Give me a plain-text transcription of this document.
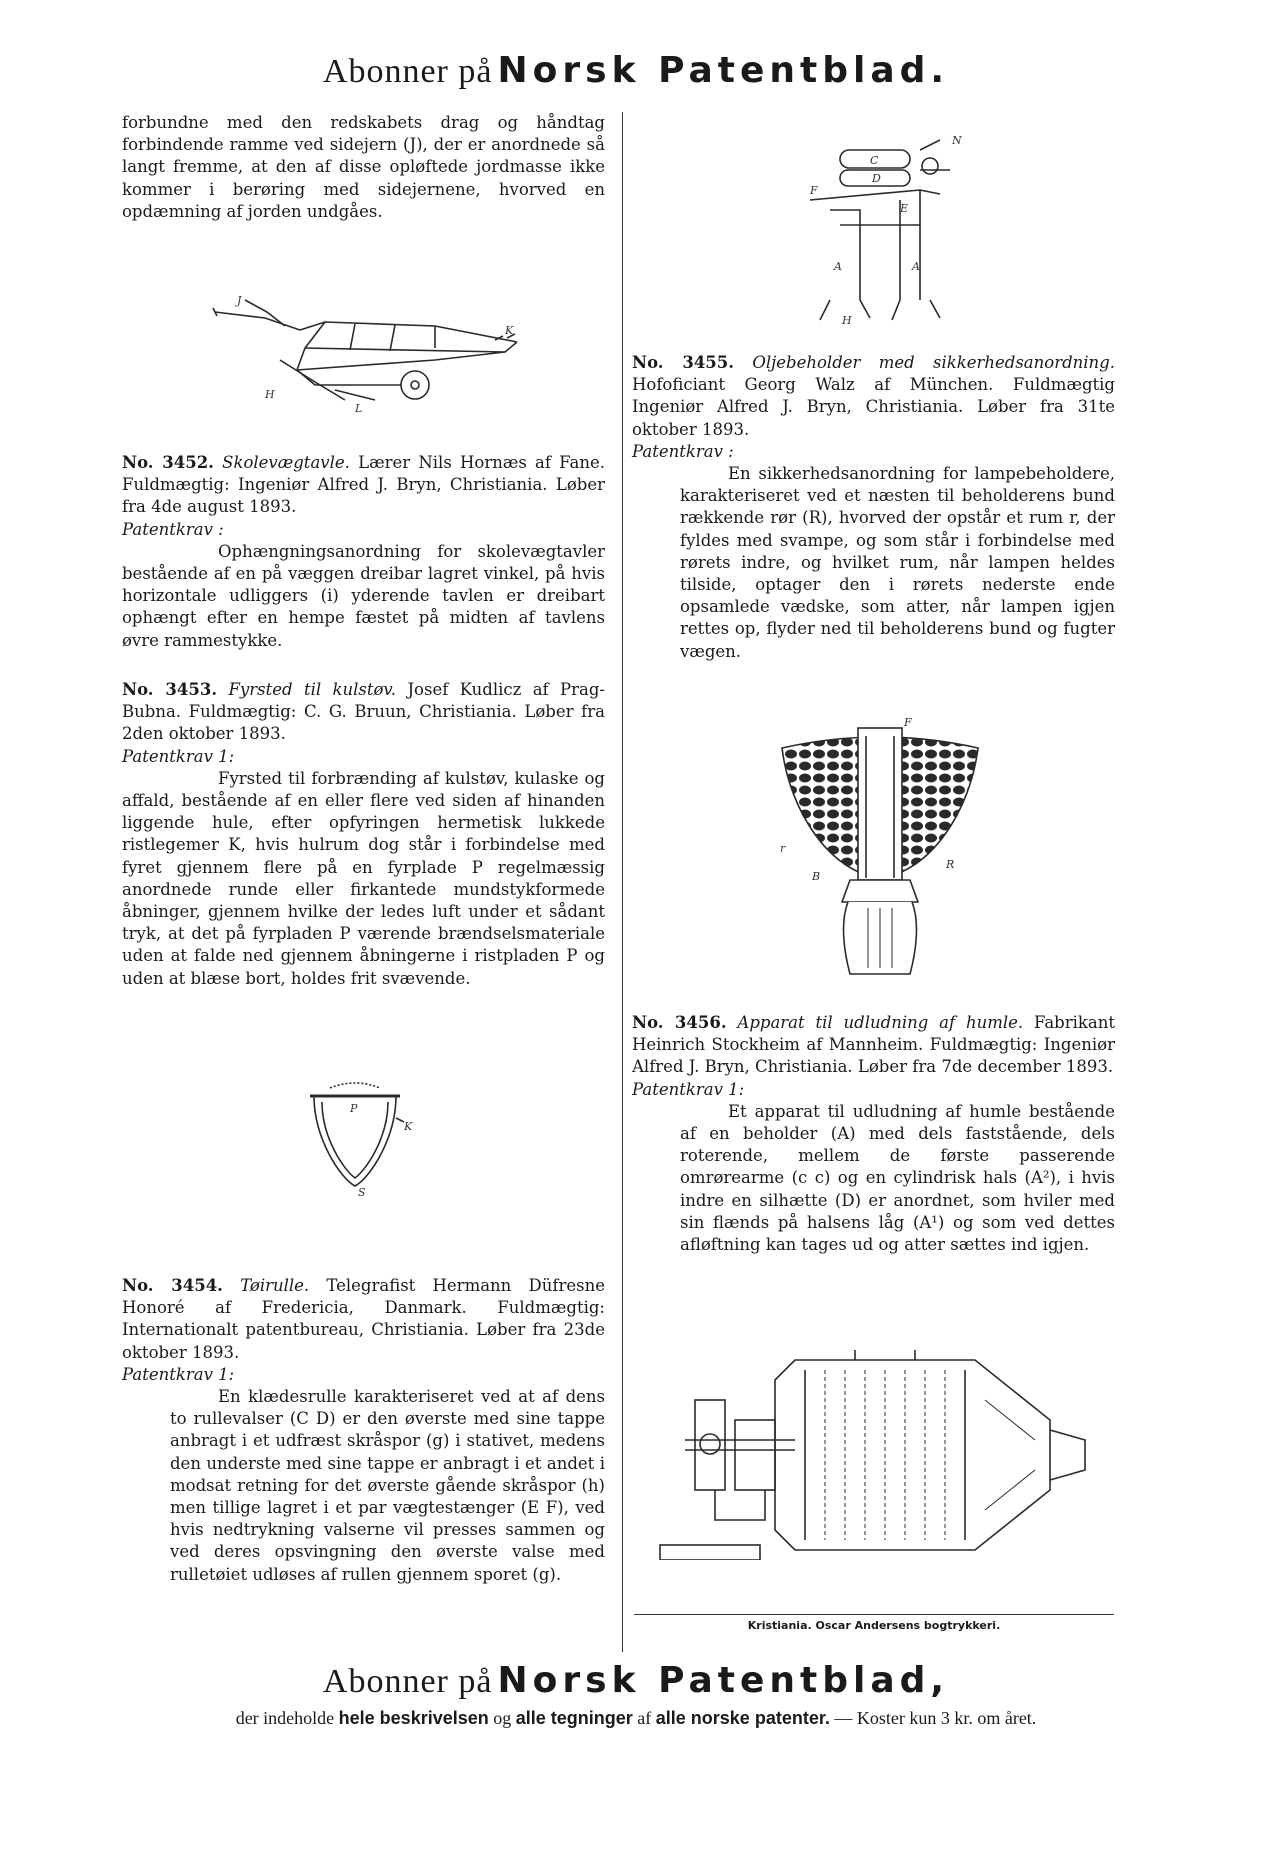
Abonner på Norsk Patentblad.
forbundne med den redskabets drag og håndtag forbindende ramme ved sidejern (J), der er anordnede så langt fremme, at den af disse opløftede jordmasse ikke kommer i berøring med sidejernene, hvorved en opdæmning af jorden undgåes.
J
K
L
H
No. 3452. Skolevægtavle. Lærer Nils Hornæs af Fane. Fuldmægtig: Ingeniør Alfred J. Bryn, Christiania. Løber fra 4de august 1893.
Patentkrav :
Ophængningsanordning for skolevægtavler bestående af en på væggen dreibar lagret vinkel, på hvis horizontale udliggers (i) yderende tavlen er dreibart ophængt efter en hempe fæstet på midten af tavlens øvre rammestykke.
No. 3453. Fyrsted til kulstøv. Josef Kudlicz af Prag-Bubna. Fuldmægtig: C. G. Bruun, Christiania. Løber fra 2den oktober 1893.
Patentkrav 1:
Fyrsted til forbrænding af kulstøv, kulaske og affald, bestående af en eller flere ved siden af hinanden liggende hule, efter opfyringen hermetisk lukkede ristlegemer K, hvis hulrum dog står i forbindelse med fyret gjennem flere på en fyrplade P regelmæssig anordnede runde eller firkantede mundstykformede åbninger, gjennem hvilke der ledes luft under et sådant tryk, at det på fyrpladen P værende brændselsmateriale uden at falde ned gjennem åbningerne i ristpladen P og uden at blæse bort, holdes frit svævende.
P
K
S
No. 3454. Tøirulle. Telegrafist Hermann Düfresne Honoré af Fredericia, Danmark. Fuldmægtig: Internationalt patentbureau, Christiania. Løber fra 23de oktober 1893.
Patentkrav 1:
En klædesrulle karakteriseret ved at af dens to rullevalser (C D) er den øverste med sine tappe anbragt i et udfræst skråspor (g) i stativet, medens den underste med sine tappe er anbragt i et andet i modsat retning for det øverste gående skråspor (h) men tillige lagret i et par vægtestænger (E F), ved hvis nedtrykning valserne vil presses sammen og ved deres opsvingning den øverste valse med rulletøiet udløses af rullen gjennem sporet (g).
C
D
E
F
A	A
H
N
No. 3455. Oljebeholder med sikkerhedsanordning. Hofoficiant Georg Walz af München. Fuldmægtig Ingeniør Alfred J. Bryn, Christiania. Løber fra 31te oktober 1893.
Patentkrav :
En sikkerhedsanordning for lampebeholdere, karakteriseret ved et næsten til beholderens bund rækkende rør (R), hvorved der opstår et rum r, der fyldes med svampe, og som står i forbindelse med rørets indre, og hvilket rum, når lampen heldes tilside, optager den i rørets nederste ende opsamlede vædske, som atter, når lampen igjen rettes op, flyder ned til beholderens bund og fugter vægen.
F
r
B
R
No. 3456. Apparat til udludning af humle. Fabrikant Heinrich Stockheim af Mannheim. Fuldmægtig: Ingeniør Alfred J. Bryn, Christiania. Løber fra 7de december 1893.
Patentkrav 1:
Et apparat til udludning af humle bestående af en beholder (A) med dels faststående, dels roterende, mellem de første passerende omrørearme (c c) og en cylindrisk hals (A²), i hvis indre en silhætte (D) er anordnet, som hviler med sin flænds på halsens låg (A¹) og som ved dettes afløftning kan tages ud og atter sættes ind igjen.
Kristiania. Oscar Andersens bogtrykkeri.
Abonner på Norsk Patentblad,
der indeholde hele beskrivelsen og alle tegninger af alle norske patenter. — Koster kun 3 kr. om året.
